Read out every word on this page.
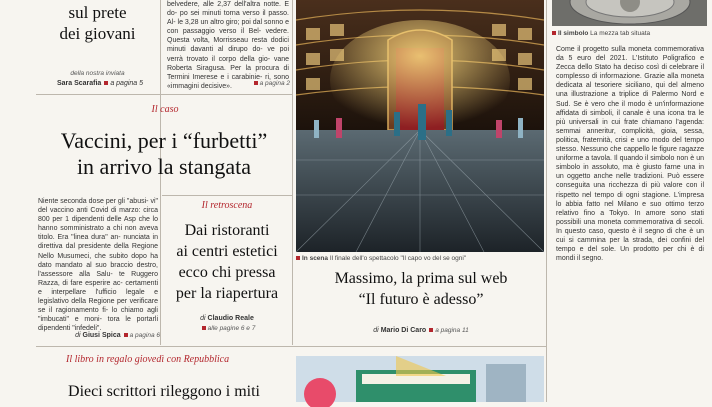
sul prete
dei giovani
della nostra inviata
Sara Scarafia a pagina 5
belvedere, alle 2,37 dell'altra notte. E do- po sei minuti torna verso il passo. Al- le 3,28 un altro giro; poi dal sonno e con passaggio verso il Bel- vedere. Questa volta, Morrisseau resta dodici minuti davanti al dirupo do- ve poi verrà trovato il corpo della gio- vane Roberta Siragusa. Per la procura di Termini Imerese e i carabinie- ri, sono «immagini decisive».	a pagina 2
Il caso
Vaccini, per i “furbetti”
in arrivo la stangata
Niente seconda dose per gli "abusi- vi" del vaccino anti Covid di marzo: circa 800 per 1 dipendenti delle Asp che lo hanno somministrato a chi non aveva titolo. Era "linea dura" an- nunciata in direttiva dal presidente della Regione Nello Musumeci, che subito dopo ha dato mandato al suo braccio destro, l'assessore alla Salu- te Ruggero Razza, di fare esperire ac- certamenti e interpellare l'ufficio legale e legislativo della Regione per verificare se il ragionamento fi- lo chiamo agli "imbucati" e moni- tora le portarli dipendenti "infedeli".
di Giusi Spica a pagina 6
Il retroscena
Dai ristoranti
ai centri estetici
ecco chi pressa
per la riapertura
di Claudio Reale
alle pagine 6 e 7
In scena Il finale dell'o spettacolo "Il capo vo del se ogni"
Massimo, la prima sul web
“Il futuro è adesso”
di Mario Di Caro a pagina 11
Il simbolo La mezza tab situata
Come il progetto sulla moneta commemorativa da 5 euro del 2021. L'Istituto Poligrafico e Zecca dello Stato ha deciso così di celebrare il complesso di informazione. Grazie alla moneta dedicata al tesoriere siciliano, qui del almeno una illustrazione a triplice di Palermo Nord e Sud. Se è vero che il modo è un'informazione affidata di simboli, il canale è una icona tra le più universali in cui frate chiamano l'agenda: semmai anneritur, complicità, gioia, sessa, politica, fraternità, crisi e uno modo del tempo stesso. Nessuno che cappello le figure ragazze uniforme a tavola. Il quando il simbolo non è un simbolo in assoluto, ma è giusto farne una in un oggetto anche nelle tradizioni. Può essere conseguita una ricchezza di più valore con il rispetto nel tempo di ogni stagione. L'impresa lo abbia fatto nel Milano e suo ottimo terzo relativo fino a Tokyo. In amore sono stati possibili una moneta commemorativa di secoli. In questo caso, questo è il segno di che è un cui si cammina per la strada, dei confini del tempo e del sole. Un prodotto per chi è di mondi il segno.
Il libro in regalo giovedì con Repubblica
Dieci scrittori rileggono i miti
